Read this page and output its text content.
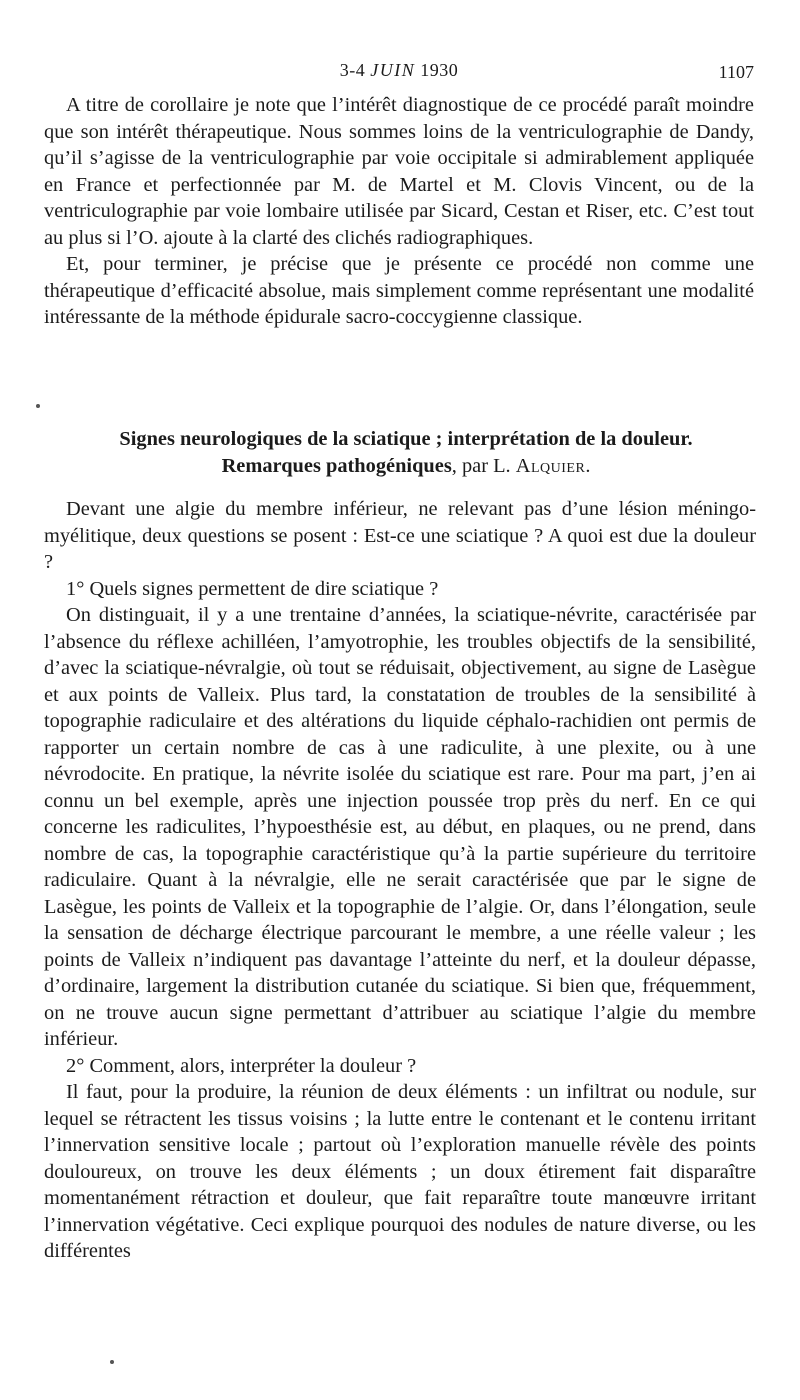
3-4 JUIN 1930	1107

A titre de corollaire je note que l’intérêt diagnostique de ce procédé paraît moindre que son intérêt thérapeutique. Nous sommes loins de la ventriculographie de Dandy, qu’il s’agisse de la ventriculographie par voie occipitale si admirablement appliquée en France et perfectionnée par M. de Martel et M. Clovis Vincent, ou de la ventriculographie par voie lombaire utilisée par Sicard, Cestan et Riser, etc. C’est tout au plus si l’O. ajoute à la clarté des clichés radiographiques.

Et, pour terminer, je précise que je présente ce procédé non comme une thérapeutique d’efficacité absolue, mais simplement comme représentant une modalité intéressante de la méthode épidurale sacro-coccygienne classique.

Signes neurologiques de la sciatique ; interprétation de la douleur.
Remarques pathogéniques, par L. Alquier.

Devant une algie du membre inférieur, ne relevant pas d’une lésion méningo-myélitique, deux questions se posent : Est-ce une sciatique ? A quoi est due la douleur ?

1° Quels signes permettent de dire sciatique ?

On distinguait, il y a une trentaine d’années, la sciatique-névrite, caractérisée par l’absence du réflexe achilléen, l’amyotrophie, les troubles objectifs de la sensibilité, d’avec la sciatique-névralgie, où tout se réduisait, objectivement, au signe de Lasègue et aux points de Valleix. Plus tard, la constatation de troubles de la sensibilité à topographie radiculaire et des altérations du liquide céphalo-rachidien ont permis de rapporter un certain nombre de cas à une radiculite, à une plexite, ou à une névrodocite. En pratique, la névrite isolée du sciatique est rare. Pour ma part, j’en ai connu un bel exemple, après une injection poussée trop près du nerf. En ce qui concerne les radiculites, l’hypoesthésie est, au début, en plaques, ou ne prend, dans nombre de cas, la topographie caractéristique qu’à la partie supérieure du territoire radiculaire. Quant à la névralgie, elle ne serait caractérisée que par le signe de Lasègue, les points de Valleix et la topographie de l’algie. Or, dans l’élongation, seule la sensation de décharge électrique parcourant le membre, a une réelle valeur ; les points de Valleix n’indiquent pas davantage l’atteinte du nerf, et la douleur dépasse, d’ordinaire, largement la distribution cutanée du sciatique. Si bien que, fréquemment, on ne trouve aucun signe permettant d’attribuer au sciatique l’algie du membre inférieur.

2° Comment, alors, interpréter la douleur ?

Il faut, pour la produire, la réunion de deux éléments : un infiltrat ou nodule, sur lequel se rétractent les tissus voisins ; la lutte entre le contenant et le contenu irritant l’innervation sensitive locale ; partout où l’exploration manuelle révèle des points douloureux, on trouve les deux éléments ; un doux étirement fait disparaître momentanément rétraction et douleur, que fait reparaître toute manœuvre irritant l’innervation végétative. Ceci explique pourquoi des nodules de nature diverse, ou les différentes
